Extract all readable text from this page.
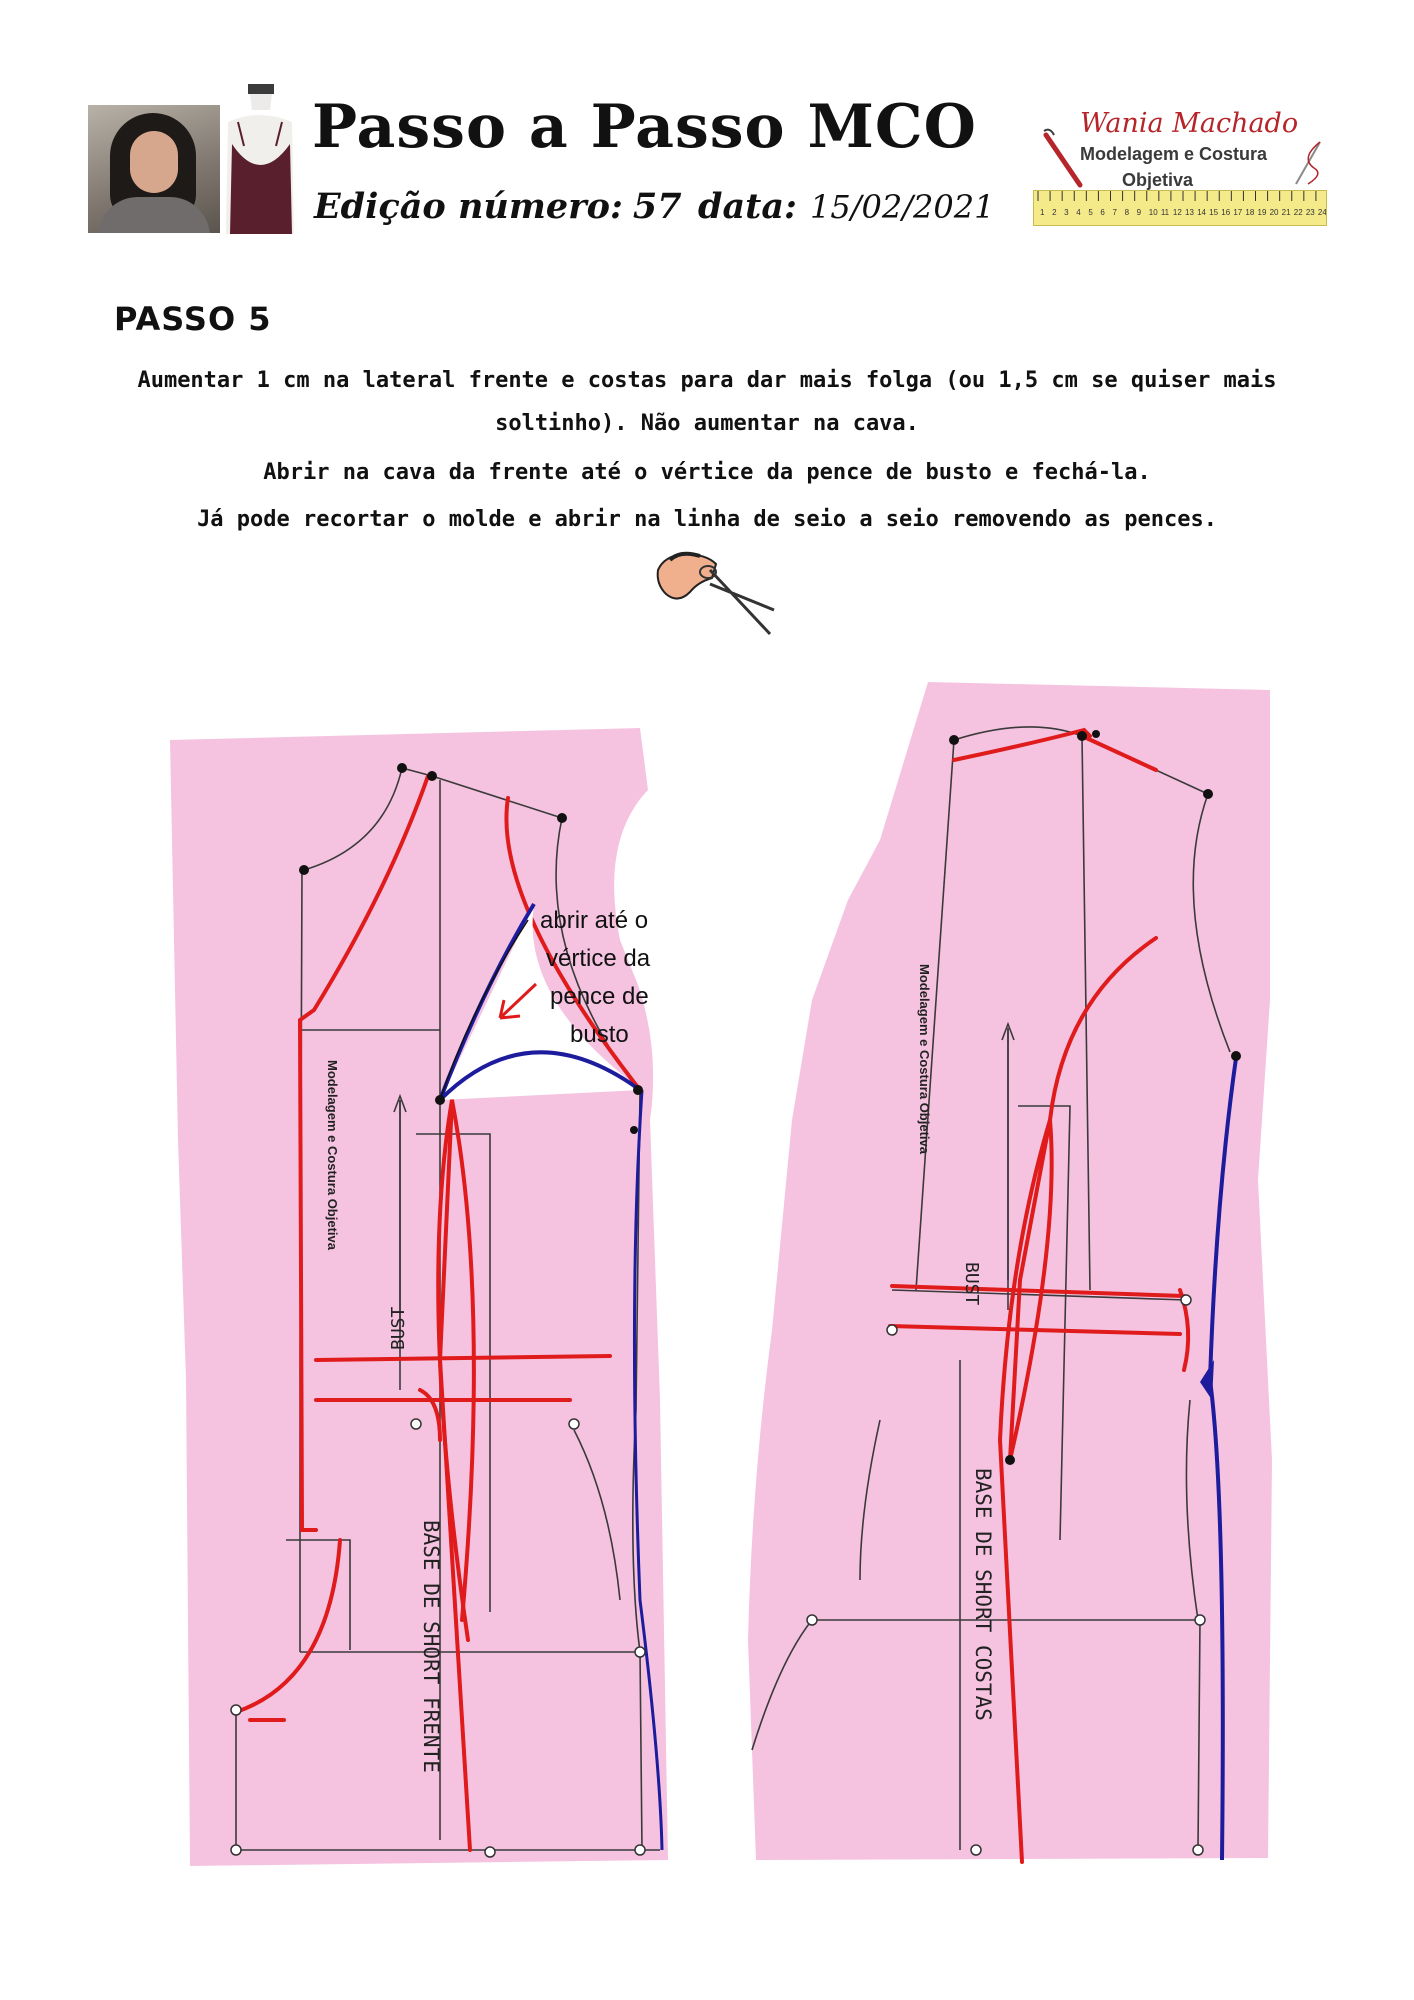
Passo a Passo MCO
Edição número: 57 data: 15/02/2021
Wania Machado
Modelagem e Costura
Objetiva
1 2 3 4 5 6 7 8 9 10 11 12 13 14 15 16 17 18 19 20 21 22 23 24
PASSO 5
Aumentar 1 cm na lateral frente e costas para dar mais folga (ou 1,5 cm se quiser mais
soltinho). Não aumentar na cava.
Abrir na cava da frente até o vértice da pence de busto e fechá-la.
Já pode recortar o molde e abrir na linha de seio a seio removendo as pences.
abrir até o
vértice da
pence de
busto
Modelagem e Costura Objetiva
Modelagem e Costura Objetiva
BUST
BUST
BASE DE SHORT FRENTE	BASE DE SHORT COSTAS
